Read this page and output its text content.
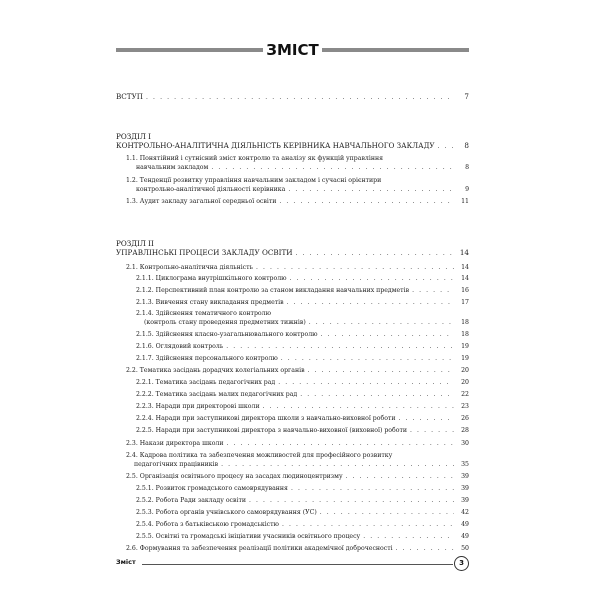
ЗМІСТ
ВСТУП . . .	7
РОЗДІЛ І
КОНТРОЛЬНО-АНАЛІТИЧНА ДІЯЛЬНІСТЬ КЕРІВНИКА НАВЧАЛЬНОГО ЗАКЛАДУ . . .	8
1.1. Понятійний і сутнісний зміст контролю та аналізу як функцій управління
навчальним закладом . . .	8
1.2. Тенденції розвитку управління навчальним закладом і сучасні орієнтири
контрольно-аналітичної діяльності керівника . . .	9
1.3. Аудит закладу загальної середньої освіти . . .	11
РОЗДІЛ ІІ
УПРАВЛІНСЬКІ ПРОЦЕСИ ЗАКЛАДУ ОСВІТИ . . .	14
2.1. Контрольно-аналітична діяльність . . .	14
2.1.1. Циклограма внутрішкільного контролю . . .	14
2.1.2. Перспективний план контролю за станом викладання навчальних предметів . . .	16
2.1.3. Вивчення стану викладання предметів . . .	17
2.1.4. Здійснення тематичного контролю
(контроль стану проведення предметних тижнів) . . .	18
2.1.5. Здійснення класно-узагальнювального контролю . . .	18
2.1.6. Оглядовий контроль . . .	19
2.1.7. Здійснення персонального контролю . . .	19
2.2. Тематика засідань дорадчих колегіальних органів . . .	20
2.2.1. Тематика засідань педагогічних рад . . .	20
2.2.2. Тематика засідань малих педагогічних рад . . .	22
2.2.3. Наради при директорові школи . . .	23
2.2.4. Наради при заступникові директора школи з навчально-виховної роботи . . .	26
2.2.5. Наради при заступникові директора з навчально-виховної (виховної) роботи . . .	28
2.3. Накази директора школи . . .	30
2.4. Кадрова політика та забезпечення можливостей для професійного розвитку
педагогічних працівників . . .	35
2.5. Організація освітнього процесу на засадах людиноцентризму . . .	39
2.5.1. Розвиток громадського самоврядування . . .	39
2.5.2. Робота Ради закладу освіти . . .	39
2.5.3. Робота органів учнівського самоврядування (УС) . . .	42
2.5.4. Робота з батьківською громадськістю . . .	49
2.5.5. Освітні та громадські ініціативи учасників освітнього процесу . . .	49
2.6. Формування та забезпечення реалізації політики академічної доброчесності . . .	50
Зміст	3
